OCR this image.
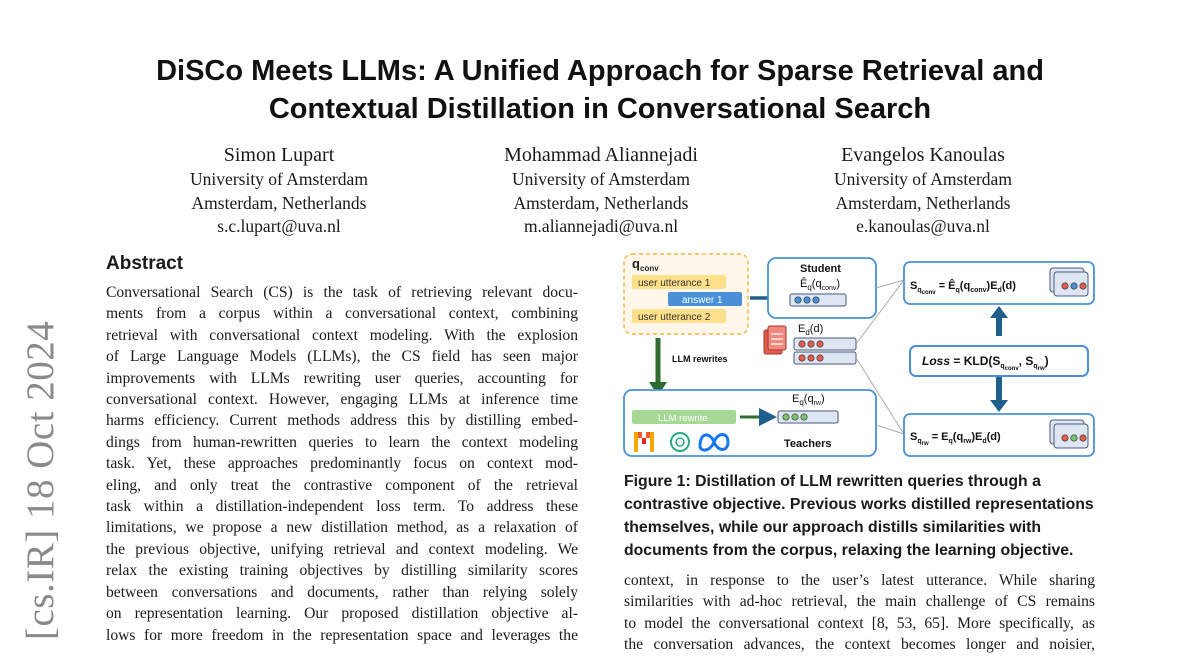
DiSCo Meets LLMs: A Unified Approach for Sparse Retrieval and
Contextual Distillation in Conversational Search
Simon Lupart
University of Amsterdam
Amsterdam, Netherlands
s.c.lupart@uva.nl
Mohammad Aliannejadi
University of Amsterdam
Amsterdam, Netherlands
m.aliannejadi@uva.nl
Evangelos Kanoulas
University of Amsterdam
Amsterdam, Netherlands
e.kanoulas@uva.nl
[cs.IR] 18 Oct 2024
Abstract
Conversational Search (CS) is the task of retrieving relevant docu-
ments from a corpus within a conversational context, combining
retrieval with conversational context modeling. With the explosion
of Large Language Models (LLMs), the CS field has seen major
improvements with LLMs rewriting user queries, accounting for
conversational context. However, engaging LLMs at inference time
harms efficiency. Current methods address this by distilling embed-
dings from human-rewritten queries to learn the context modeling
task. Yet, these approaches predominantly focus on context mod-
eling, and only treat the contrastive component of the retrieval
task within a distillation-independent loss term. To address these
limitations, we propose a new distillation method, as a relaxation of
the previous objective, unifying retrieval and context modeling. We
relax the existing training objectives by distilling similarity scores
between conversations and documents, rather than relying solely
on representation learning. Our proposed distillation objective al-
lows for more freedom in the representation space and leverages the
q conv
user utterance 1
answer 1
user utterance 2
Student
$Ê_q(q_{conv})$
$E_d(d)$
LLM rewrites
LLM rewrite
$E_q(q_{rw})$
Teachers
$S_qconv$ = $Ê_q(q_{conv})E_d(d)$
Loss = $KLD(S_qconv$, $S_qrw$)
$S_qrw = E_q(q_{rw})E_d(d)$
Figure 1: Distillation of LLM rewritten queries through a contrastive objective. Previous works distilled representations themselves, while our approach distills similarities with documents from the corpus, relaxing the learning objective.
context, in response to the user’s latest utterance. While sharing
similarities with ad-hoc retrieval, the main challenge of CS remains
to model the conversational context [8, 53, 65]. More specifically, as
the conversation advances, the context becomes longer and noisier,
